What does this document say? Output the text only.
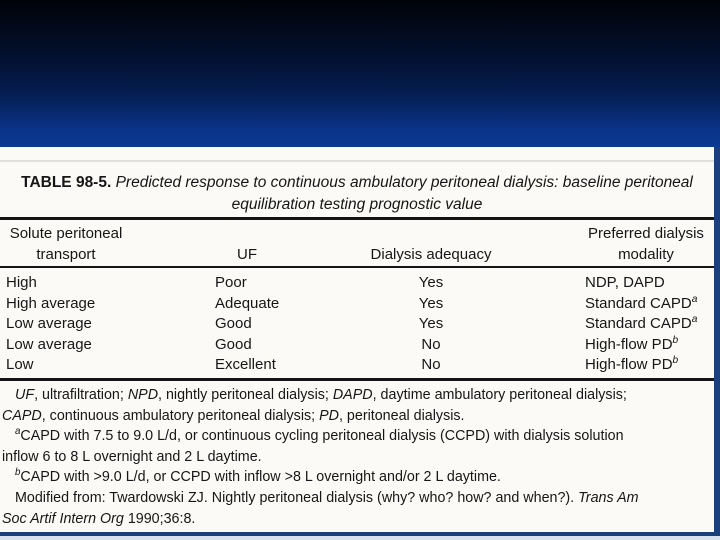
TABLE 98-5. Predicted response to continuous ambulatory peritoneal dialysis: baseline peritoneal
equilibration testing prognostic value
Solute peritoneal
transport	UF	Dialysis adequacy
Preferred dialysis
modality
High
High average
Low average
Low average
Low
Poor
Adequate
Good
Good
Excellent
Yes
Yes
Yes
No
No
NDP, DAPD
Standard CAPD$^a$
Standard CAPD$^a$
High-flow $PD^b$
High-flow $PD^b$
UF, ultrafiltration; NPD, nightly peritoneal dialysis; DAPD, daytime ambulatory peritoneal dialysis;
CAPD, continuous ambulatory peritoneal dialysis; PD, peritoneal dialysis.
$^a$CAPD with 7.5 to 9.0 L/d, or continuous cycling peritoneal dialysis (CCPD) with dialysis solution
inflow 6 to 8 L overnight and 2 L daytime.
$^b$CAPD with >9.0 L/d, or CCPD with inflow >8 L overnight and/or 2 L daytime.
Modified from: Twardowski ZJ. Nightly peritoneal dialysis (why? who? how? and when?). Trans Am
Soc Artif Intern Org 1990;36:8.
